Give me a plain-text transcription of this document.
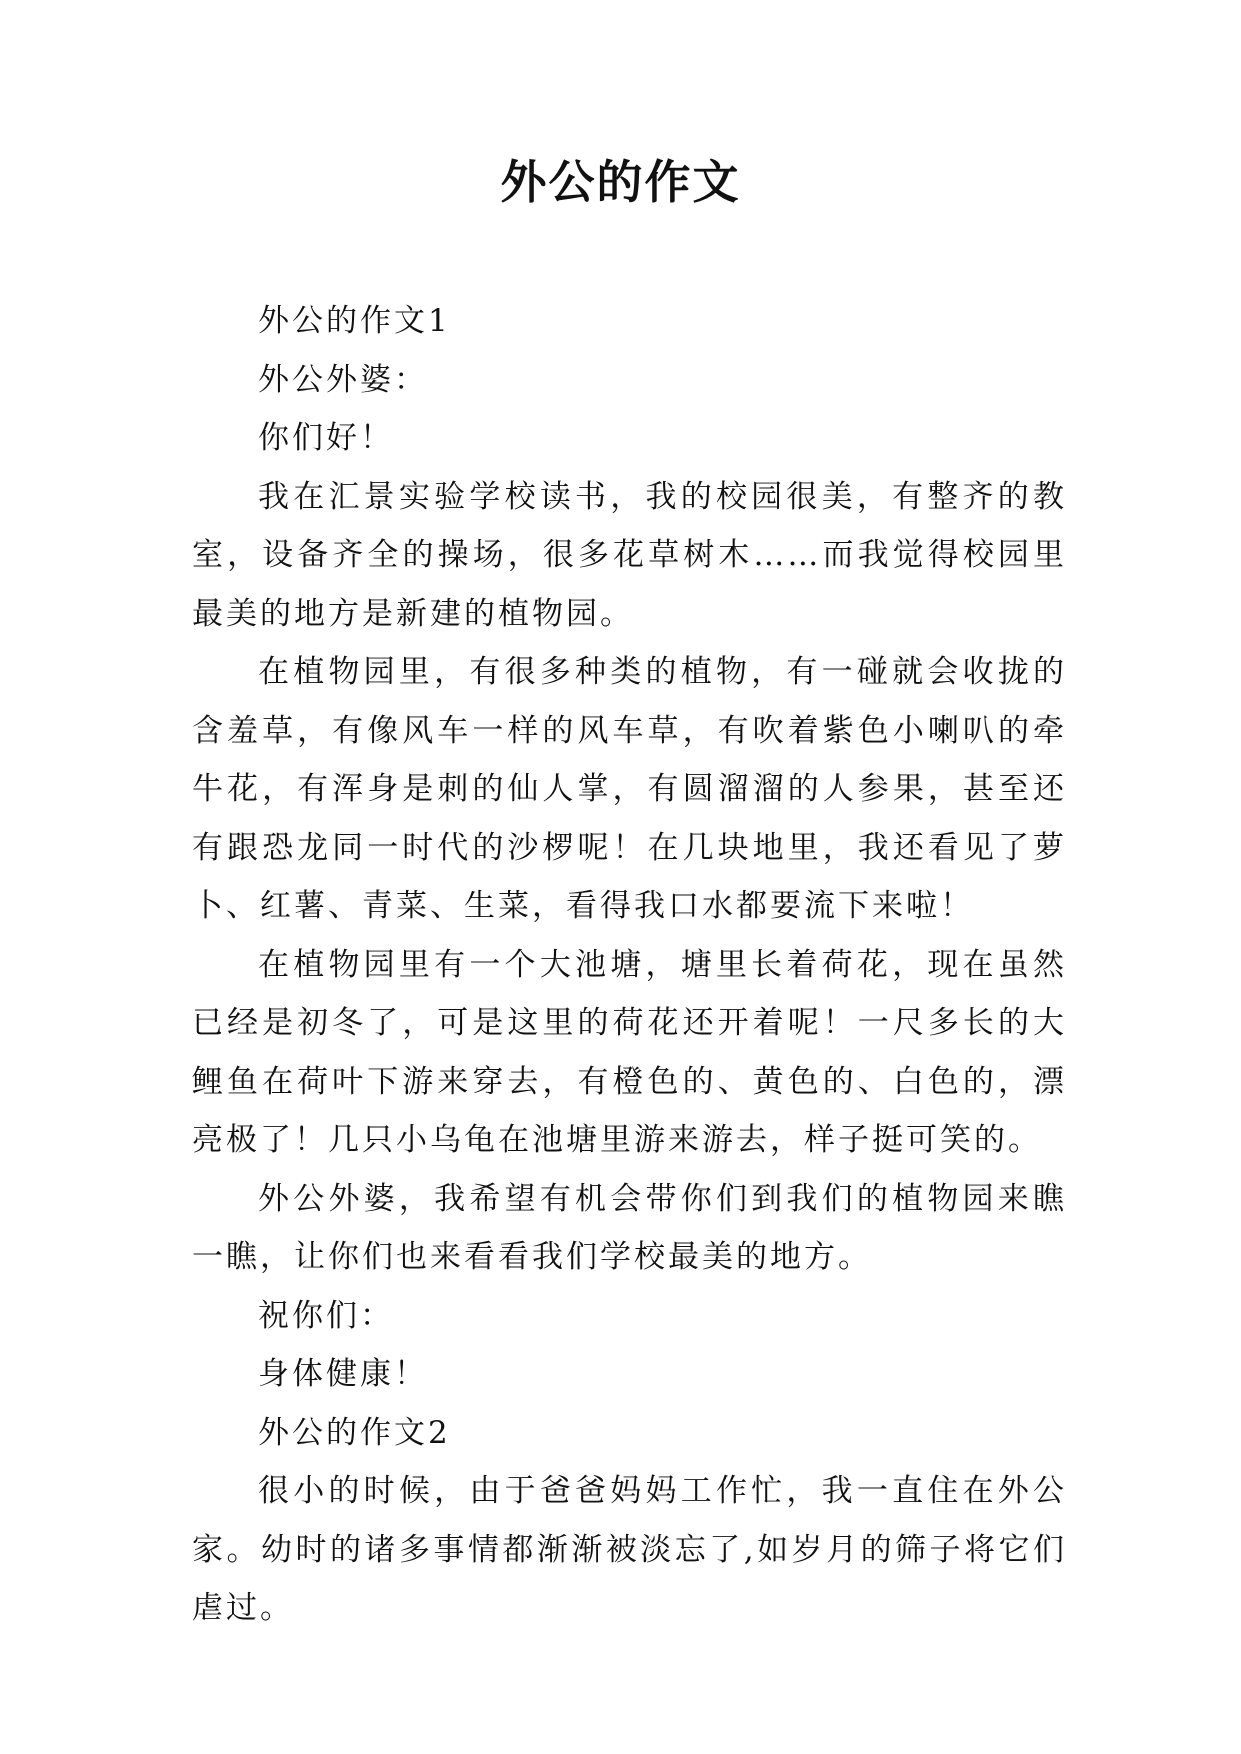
外公的作文

外公的作文1

外公外婆：

你们好！

我在汇景实验学校读书，我的校园很美，有整齐的教室，设备齐全的操场，很多花草树木……而我觉得校园里最美的地方是新建的植物园。

在植物园里，有很多种类的植物，有一碰就会收拢的含羞草，有像风车一样的风车草，有吹着紫色小喇叭的牵牛花，有浑身是刺的仙人掌，有圆溜溜的人参果，甚至还有跟恐龙同一时代的沙椤呢！在几块地里，我还看见了萝卜、红薯、青菜、生菜，看得我口水都要流下来啦！

在植物园里有一个大池塘，塘里长着荷花，现在虽然已经是初冬了，可是这里的荷花还开着呢！一尺多长的大鲤鱼在荷叶下游来穿去，有橙色的、黄色的、白色的，漂亮极了！几只小乌龟在池塘里游来游去，样子挺可笑的。

外公外婆，我希望有机会带你们到我们的植物园来瞧一瞧，让你们也来看看我们学校最美的地方。

祝你们：

身体健康！

外公的作文2

很小的时候，由于爸爸妈妈工作忙，我一直住在外公家。幼时的诸多事情都渐渐被淡忘了,如岁月的筛子将它们虐过。
